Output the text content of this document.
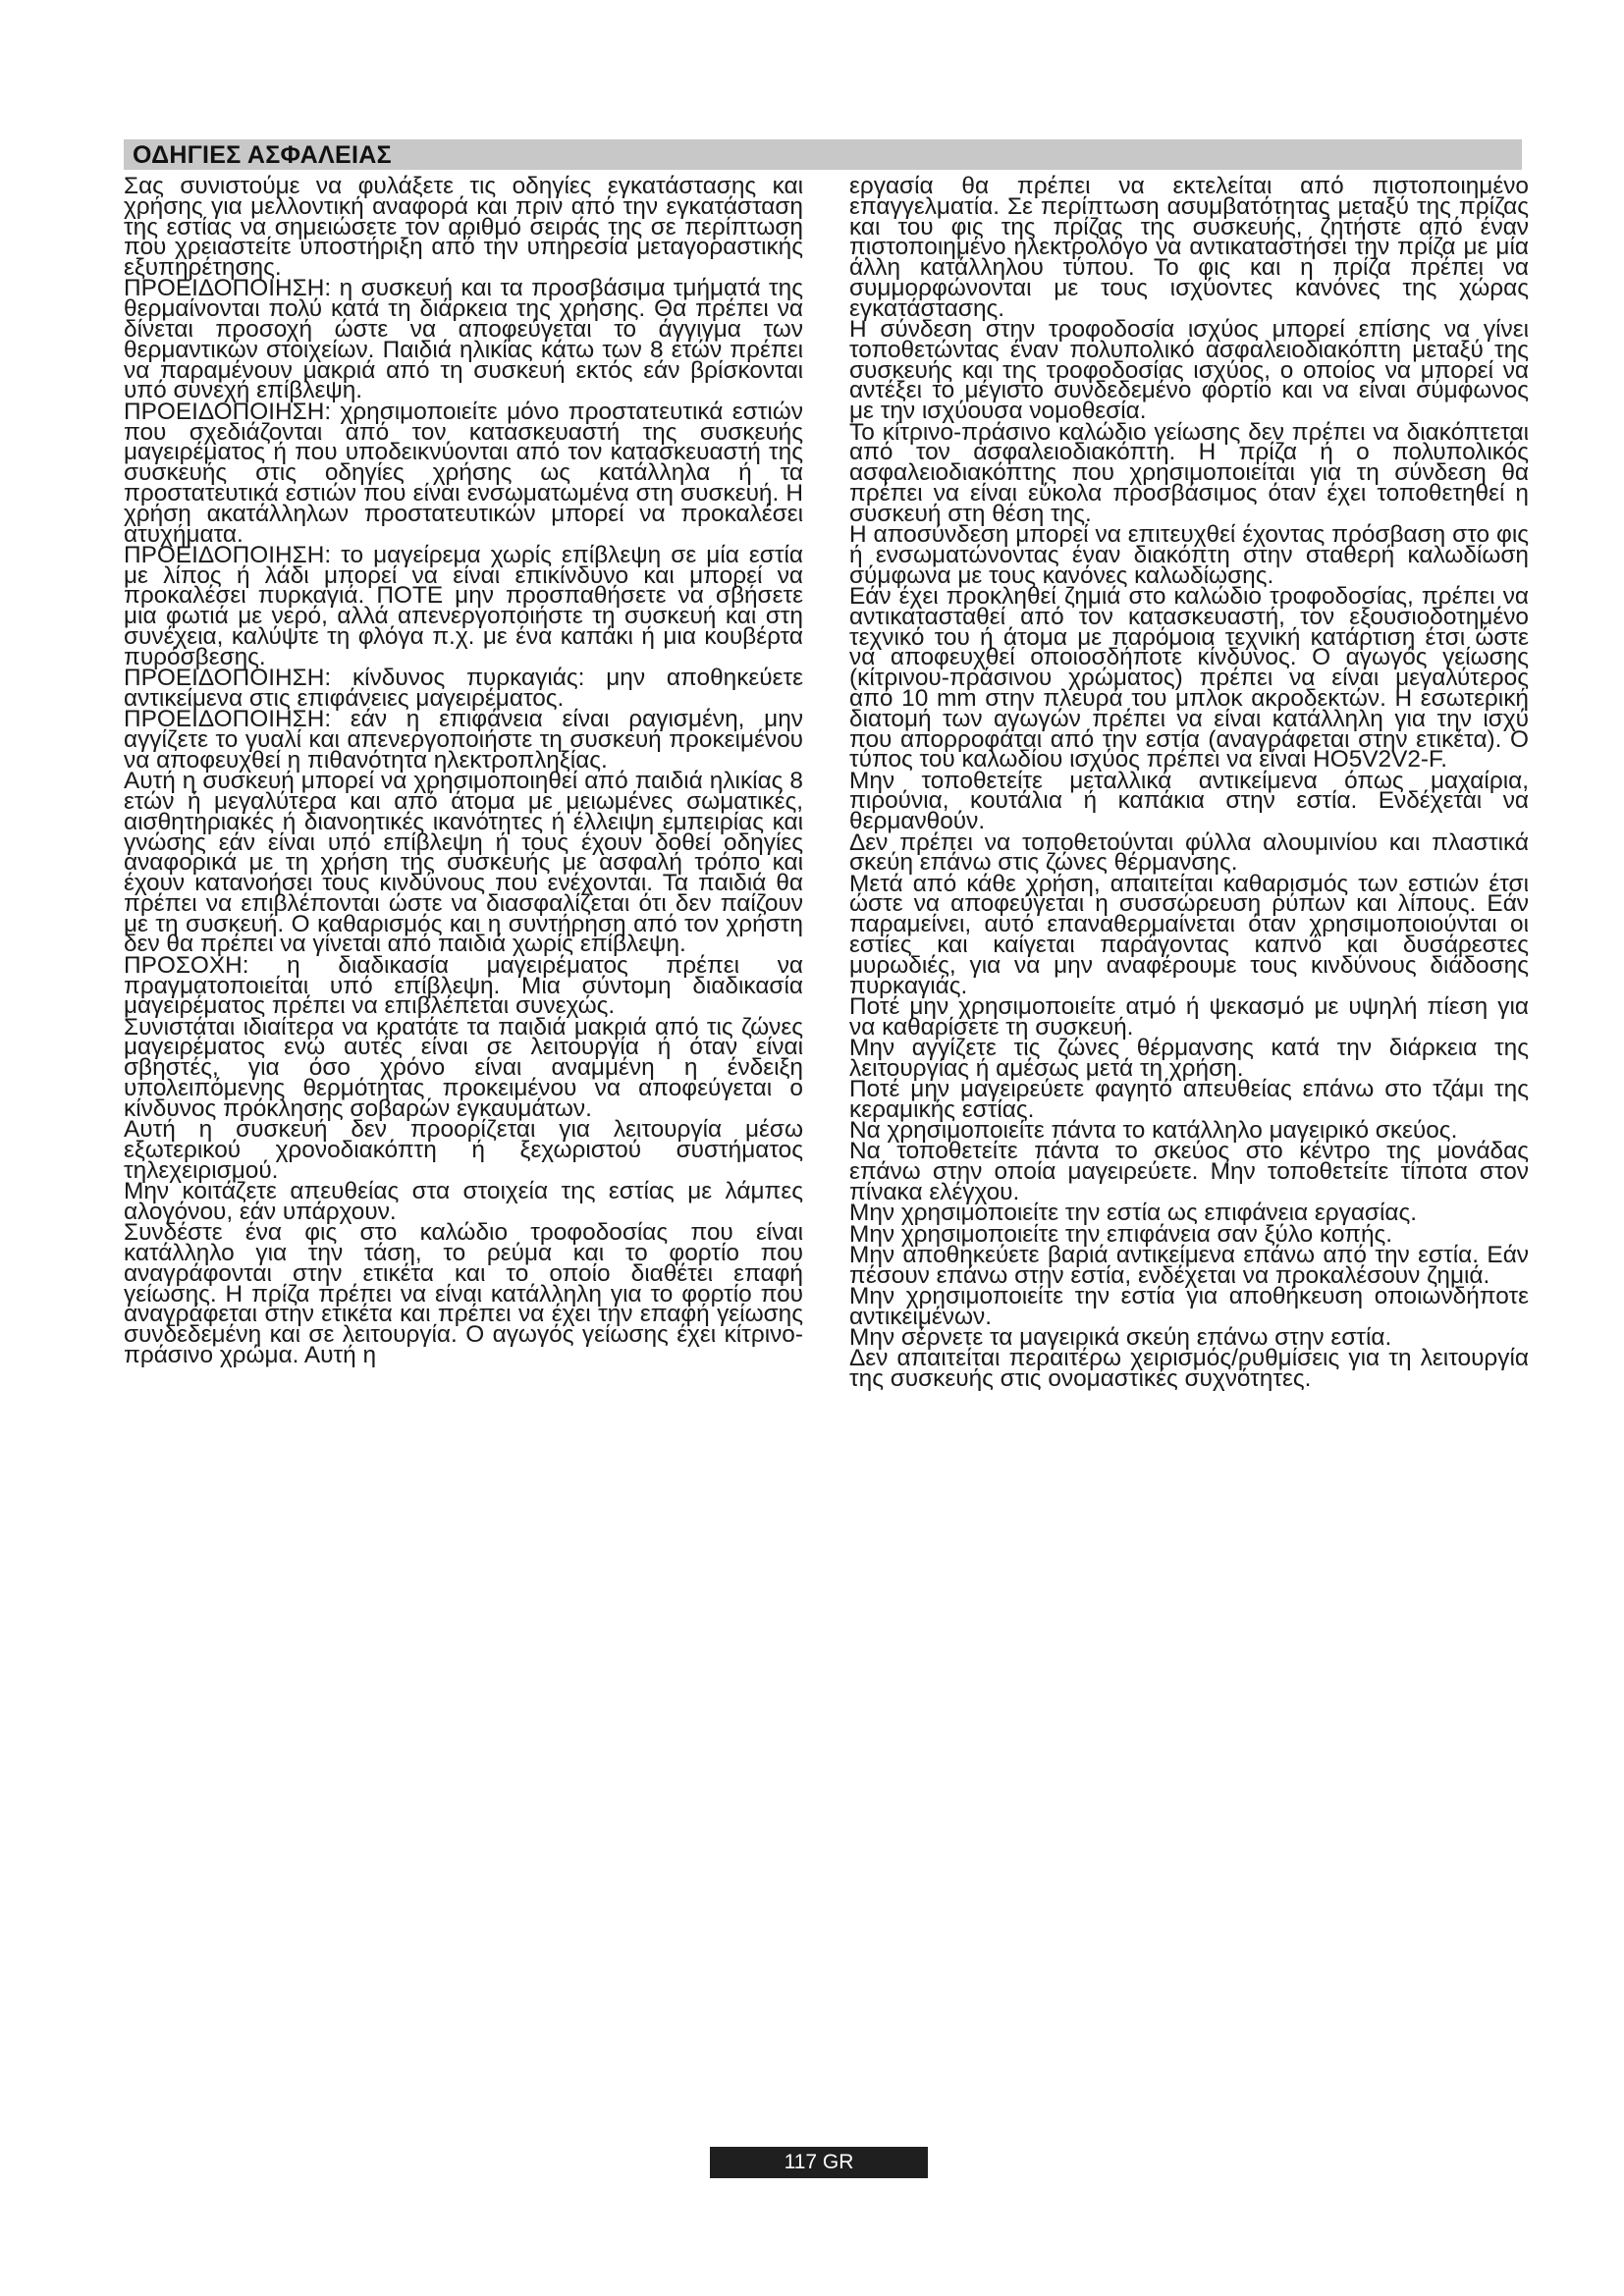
ΟΔΗΓΙΕΣ ΑΣΦΑΛΕΙΑΣ

Σας συνιστούμε να φυλάξετε τις οδηγίες εγκατάστασης και χρήσης για μελλοντική αναφορά και πριν από την εγκατάσταση της εστίας να σημειώσετε τον αριθμό σειράς της σε περίπτωση που χρειαστείτε υποστήριξη από την υπηρεσία μεταγοραστικής εξυπηρέτησης.

ΠΡΟΕΙΔΟΠΟΙΗΣΗ: η συσκευή και τα προσβάσιμα τμήματά της θερμαίνονται πολύ κατά τη διάρκεια της χρήσης. Θα πρέπει να δίνεται προσοχή ώστε να αποφεύγεται το άγγιγμα των θερμαντικών στοιχείων. Παιδιά ηλικίας κάτω των 8 ετών πρέπει να παραμένουν μακριά από τη συσκευή εκτός εάν βρίσκονται υπό συνεχή επίβλεψη.

ΠΡΟΕΙΔΟΠΟΙΗΣΗ: χρησιμοποιείτε μόνο προστατευτικά εστιών που σχεδιάζονται από τον κατασκευαστή της συσκευής μαγειρέματος ή που υποδεικνύονται από τον κατασκευαστή της συσκευής στις οδηγίες χρήσης ως κατάλληλα ή τα προστατευτικά εστιών που είναι ενσωματωμένα στη συσκευή. Η χρήση ακατάλληλων προστατευτικών μπορεί να προκαλέσει ατυχήματα.

ΠΡΟΕΙΔΟΠΟΙΗΣΗ: το μαγείρεμα χωρίς επίβλεψη σε μία εστία με λίπος ή λάδι μπορεί να είναι επικίνδυνο και μπορεί να προκαλέσει πυρκαγιά. ΠΟΤΕ μην προσπαθήσετε να σβήσετε μια φωτιά με νερό, αλλά απενεργοποιήστε τη συσκευή και στη συνέχεια, καλύψτε τη φλόγα π.χ. με ένα καπάκι ή μια κουβέρτα πυρόσβεσης.

ΠΡΟΕΙΔΟΠΟΙΗΣΗ: κίνδυνος πυρκαγιάς: μην αποθηκεύετε αντικείμενα στις επιφάνειες μαγειρέματος.

ΠΡΟΕΙΔΟΠΟΙΗΣΗ: εάν η επιφάνεια είναι ραγισμένη, μην αγγίζετε το γυαλί και απενεργοποιήστε τη συσκευή προκειμένου να αποφευχθεί η πιθανότητα ηλεκτροπληξίας.

Αυτή η συσκευή μπορεί να χρησιμοποιηθεί από παιδιά ηλικίας 8 ετών ή μεγαλύτερα και από άτομα με μειωμένες σωματικές, αισθητηριακές ή διανοητικές ικανότητες ή έλλειψη εμπειρίας και γνώσης εάν είναι υπό επίβλεψη ή τους έχουν δοθεί οδηγίες αναφορικά με τη χρήση της συσκευής με ασφαλή τρόπο και έχουν κατανοήσει τους κινδύνους που ενέχονται. Τα παιδιά θα πρέπει να επιβλέπονται ώστε να διασφαλίζεται ότι δεν παίζουν με τη συσκευή. Ο καθαρισμός και η συντήρηση από τον χρήστη δεν θα πρέπει να γίνεται από παιδιά χωρίς επίβλεψη.

ΠΡΟΣΟΧΗ: η διαδικασία μαγειρέματος πρέπει να πραγματοποιείται υπό επίβλεψη. Μια σύντομη διαδικασία μαγειρέματος πρέπει να επιβλέπεται συνεχώς.

Συνιστάται ιδιαίτερα να κρατάτε τα παιδιά μακριά από τις ζώνες μαγειρέματος ενώ αυτές είναι σε λειτουργία ή όταν είναι σβηστές, για όσο χρόνο είναι αναμμένη η ένδειξη υπολειπόμενης θερμότητας προκειμένου να αποφεύγεται ο κίνδυνος πρόκλησης σοβαρών εγκαυμάτων.

Αυτή η συσκευή δεν προορίζεται για λειτουργία μέσω εξωτερικού χρονοδιακόπτη ή ξεχωριστού συστήματος τηλεχειρισμού.

Μην κοιτάζετε απευθείας στα στοιχεία της εστίας με λάμπες αλογόνου, εάν υπάρχουν.

Συνδέστε ένα φις στο καλώδιο τροφοδοσίας που είναι κατάλληλο για την τάση, το ρεύμα και το φορτίο που αναγράφονται στην ετικέτα και το οποίο διαθέτει επαφή γείωσης. Η πρίζα πρέπει να είναι κατάλληλη για το φορτίο που αναγράφεται στην ετικέτα και πρέπει να έχει την επαφή γείωσης συνδεδεμένη και σε λειτουργία. Ο αγωγός γείωσης έχει κίτρινο-πράσινο χρώμα. Αυτή η

εργασία θα πρέπει να εκτελείται από πιστοποιημένο επαγγελματία. Σε περίπτωση ασυμβατότητας μεταξύ της πρίζας και του φις της πρίζας της συσκευής, ζητήστε από έναν πιστοποιημένο ηλεκτρολόγο να αντικαταστήσει την πρίζα με μία άλλη κατάλληλου τύπου. Το φις και η πρίζα πρέπει να συμμορφώνονται με τους ισχύοντες κανόνες της χώρας εγκατάστασης.

Η σύνδεση στην τροφοδοσία ισχύος μπορεί επίσης να γίνει τοποθετώντας έναν πολυπολικό ασφαλειοδιακόπτη μεταξύ της συσκευής και της τροφοδοσίας ισχύος, ο οποίος να μπορεί να αντέξει το μέγιστο συνδεδεμένο φορτίο και να είναι σύμφωνος με την ισχύουσα νομοθεσία.

Το κίτρινο-πράσινο καλώδιο γείωσης δεν πρέπει να διακόπτεται από τον ασφαλειοδιακόπτη. Η πρίζα ή ο πολυπολικός ασφαλειοδιακόπτης που χρησιμοποιείται για τη σύνδεση θα πρέπει να είναι εύκολα προσβάσιμος όταν έχει τοποθετηθεί η συσκευή στη θέση της.

Η αποσύνδεση μπορεί να επιτευχθεί έχοντας πρόσβαση στο φις ή ενσωματώνοντας έναν διακόπτη στην σταθερή καλωδίωση σύμφωνα με τους κανόνες καλωδίωσης.

Εάν έχει προκληθεί ζημιά στο καλώδιο τροφοδοσίας, πρέπει να αντικατασταθεί από τον κατασκευαστή, τον εξουσιοδοτημένο τεχνικό του ή άτομα με παρόμοια τεχνική κατάρτιση έτσι ώστε να αποφευχθεί οποιοσδήποτε κίνδυνος. Ο αγωγός γείωσης (κίτρινου-πράσινου χρώματος) πρέπει να είναι μεγαλύτερος από 10 mm στην πλευρά του μπλοκ ακροδεκτών. Η εσωτερική διατομή των αγωγών πρέπει να είναι κατάλληλη για την ισχύ που απορροφάται από την εστία (αναγράφεται στην ετικέτα). Ο τύπος του καλωδίου ισχύος πρέπει να είναι HO5V2V2-F.

Μην τοποθετείτε μεταλλικά αντικείμενα όπως μαχαίρια, πιρούνια, κουτάλια ή καπάκια στην εστία. Ενδέχεται να θερμανθούν.

Δεν πρέπει να τοποθετούνται φύλλα αλουμινίου και πλαστικά σκεύη επάνω στις ζώνες θέρμανσης.

Μετά από κάθε χρήση, απαιτείται καθαρισμός των εστιών έτσι ώστε να αποφεύγεται η συσσώρευση ρύπων και λίπους. Εάν παραμείνει, αυτό επαναθερμαίνεται όταν χρησιμοποιούνται οι εστίες και καίγεται παράγοντας καπνό και δυσάρεστες μυρωδιές, για να μην αναφέρουμε τους κινδύνους διάδοσης πυρκαγιάς.

Ποτέ μην χρησιμοποιείτε ατμό ή ψεκασμό με υψηλή πίεση για να καθαρίσετε τη συσκευή.

Μην αγγίζετε τις ζώνες θέρμανσης κατά την διάρκεια της λειτουργίας ή αμέσως μετά τη χρήση.

Ποτέ μην μαγειρεύετε φαγητό απευθείας επάνω στο τζάμι της κεραμικής εστίας.

Να χρησιμοποιείτε πάντα το κατάλληλο μαγειρικό σκεύος.

Να τοποθετείτε πάντα το σκεύος στο κέντρο της μονάδας επάνω στην οποία μαγειρεύετε. Μην τοποθετείτε τίποτα στον πίνακα ελέγχου.

Μην χρησιμοποιείτε την εστία ως επιφάνεια εργασίας.

Μην χρησιμοποιείτε την επιφάνεια σαν ξύλο κοπής.

Μην αποθηκεύετε βαριά αντικείμενα επάνω από την εστία. Εάν πέσουν επάνω στην εστία, ενδέχεται να προκαλέσουν ζημιά.

Μην χρησιμοποιείτε την εστία για αποθήκευση οποιωνδήποτε αντικειμένων.

Μην σέρνετε τα μαγειρικά σκεύη επάνω στην εστία.

Δεν απαιτείται περαιτέρω χειρισμός/ρυθμίσεις για τη λειτουργία της συσκευής στις ονομαστικές συχνότητες.

117 GR
